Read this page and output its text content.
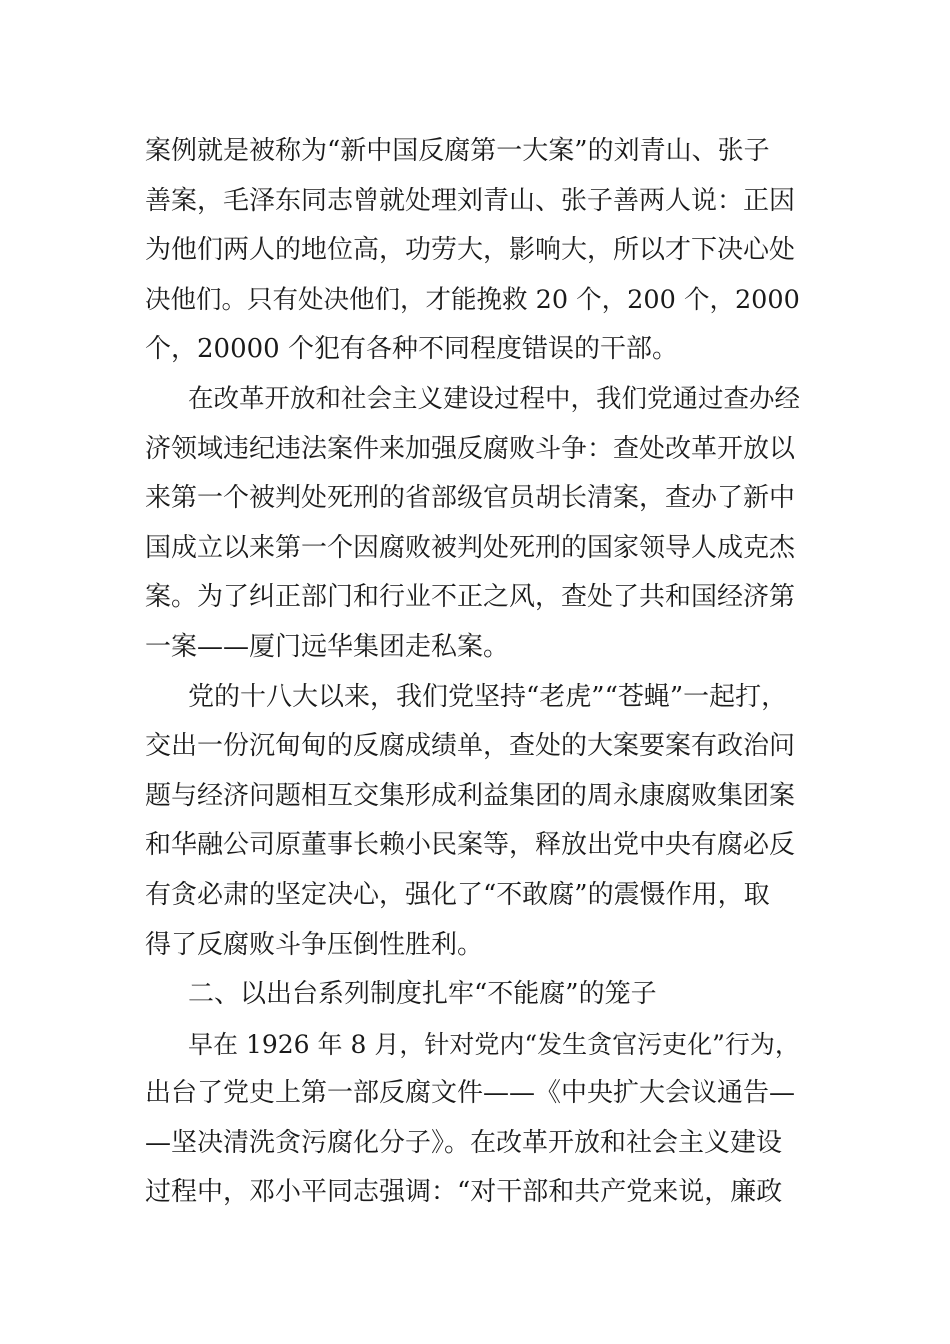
案例就是被称为“新中国反腐第一大案”的刘青山、张子
善案，毛泽东同志曾就处理刘青山、张子善两人说：正因
为他们两人的地位高，功劳大，影响大，所以才下决心处
决他们。只有处决他们，才能挽救 20 个，200 个，2000
个，20000 个犯有各种不同程度错误的干部。
在改革开放和社会主义建设过程中，我们党通过查办经
济领域违纪违法案件来加强反腐败斗争：查处改革开放以
来第一个被判处死刑的省部级官员胡长清案，查办了新中
国成立以来第一个因腐败被判处死刑的国家领导人成克杰
案。为了纠正部门和行业不正之风，查处了共和国经济第
一案——厦门远华集团走私案。
党的十八大以来，我们党坚持“老虎”“苍蝇”一起打，
交出一份沉甸甸的反腐成绩单，查处的大案要案有政治问
题与经济问题相互交集形成利益集团的周永康腐败集团案
和华融公司原董事长赖小民案等，释放出党中央有腐必反
有贪必肃的坚定决心，强化了“不敢腐”的震慑作用，取
得了反腐败斗争压倒性胜利。
二、以出台系列制度扎牢“不能腐”的笼子
早在 1926 年 8 月，针对党内“发生贪官污吏化”行为，
出台了党史上第一部反腐文件——《中央扩大会议通告—
—坚决清洗贪污腐化分子》。在改革开放和社会主义建设
过程中，邓小平同志强调：“对干部和共产党来说，廉政
